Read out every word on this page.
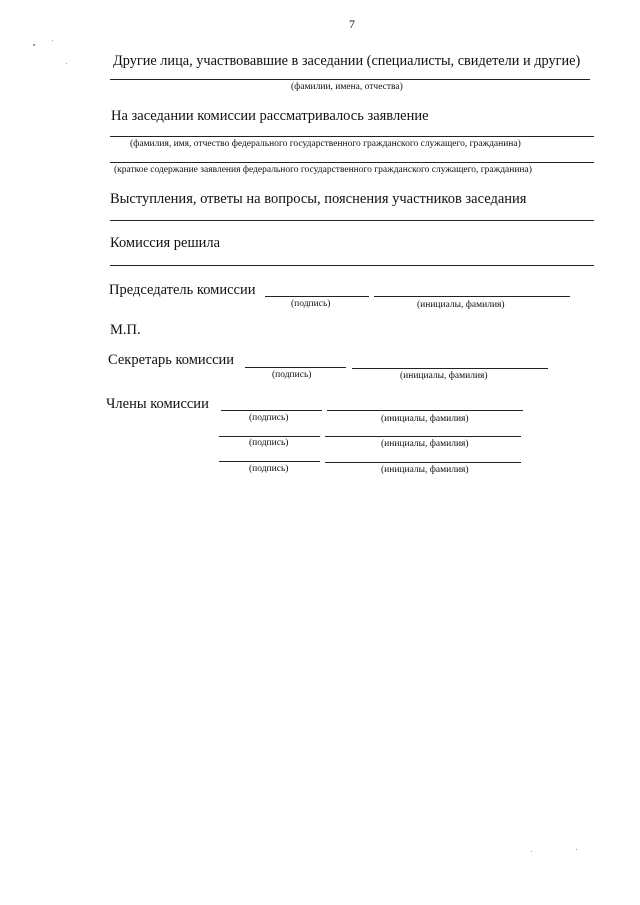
7
Другие лица, участвовавшие в заседании (специалисты, свидетели и другие)
(фамилии, имена, отчества)
На заседании комиссии рассматривалось заявление
(фамилия, имя, отчество федерального государственного гражданского служащего, гражданина)
(краткое содержание заявления федерального государственного гражданского служащего, гражданина)
Выступления, ответы на вопросы, пояснения участников заседания
Комиссия решила
Председатель комиссии
(подпись)	(инициалы, фамилия)
М.П.
Секретарь комиссии
(подпись)	(инициалы, фамилия)
Члены комиссии
(подпись)	(инициалы, фамилия)
(подпись)	(инициалы, фамилия)
(подпись)	(инициалы, фамилия)
